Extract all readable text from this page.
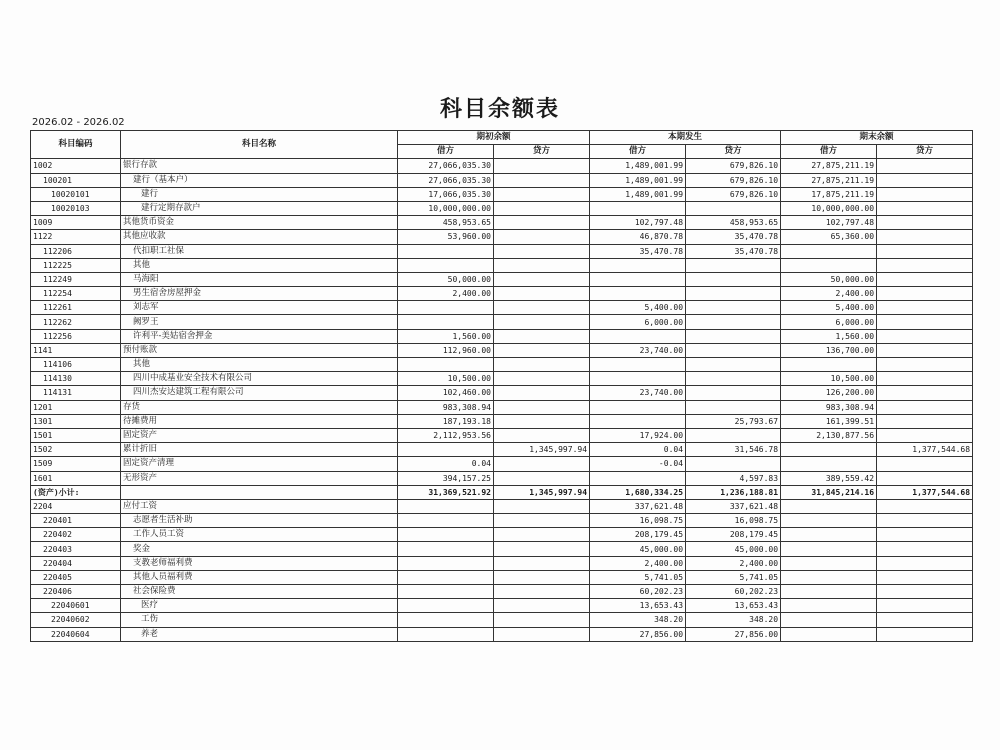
科目余额表
2026.02 - 2026.02
科目编码	科目名称	期初余额		本期发生		期末余额	
		借方	贷方	借方	贷方	借方	贷方
1002	银行存款	27,066,035.30		1,489,001.99	679,826.10	27,875,211.19	
100201	建行（基本户）	27,066,035.30		1,489,001.99	679,826.10	27,875,211.19	
10020101	建行	17,066,035.30		1,489,001.99	679,826.10	17,875,211.19	
10020103	建行定期存款户	10,000,000.00				10,000,000.00	
1009	其他货币资金	458,953.65		102,797.48	458,953.65	102,797.48	
1122	其他应收款	53,960.00		46,870.78	35,470.78	65,360.00	
112206	代扣职工社保			35,470.78	35,470.78		
112225	其他						
112249	马海阳	50,000.00				50,000.00	
112254	男生宿舍房屋押金	2,400.00				2,400.00	
112261	刘志军			5,400.00		5,400.00	
112262	阙罗王			6,000.00		6,000.00	
112256	许利平-美姑宿舍押金	1,560.00				1,560.00	
1141	预付账款	112,960.00		23,740.00		136,700.00	
114106	其他						
114130	四川中成基业安全技术有限公司	10,500.00				10,500.00	
114131	四川杰安达建筑工程有限公司	102,460.00		23,740.00		126,200.00	
1201	存货	983,308.94				983,308.94	
1301	待摊费用	187,193.18			25,793.67	161,399.51	
1501	固定资产	2,112,953.56		17,924.00		2,130,877.56	
1502	累计折旧		1,345,997.94	0.04	31,546.78		1,377,544.68
1509	固定资产清理	0.04		-0.04			
1601	无形资产	394,157.25			4,597.83	389,559.42	
(资产)小计:		31,369,521.92	1,345,997.94	1,680,334.25	1,236,188.81	31,845,214.16	1,377,544.68
2204	应付工资			337,621.48	337,621.48		
220401	志愿者生活补助			16,098.75	16,098.75		
220402	工作人员工资			208,179.45	208,179.45		
220403	奖金			45,000.00	45,000.00		
220404	支教老师福利费			2,400.00	2,400.00		
220405	其他人员福利费			5,741.05	5,741.05		
220406	社会保险费			60,202.23	60,202.23		
22040601	医疗			13,653.43	13,653.43		
22040602	工伤			348.20	348.20		
22040604	养老			27,856.00	27,856.00		
